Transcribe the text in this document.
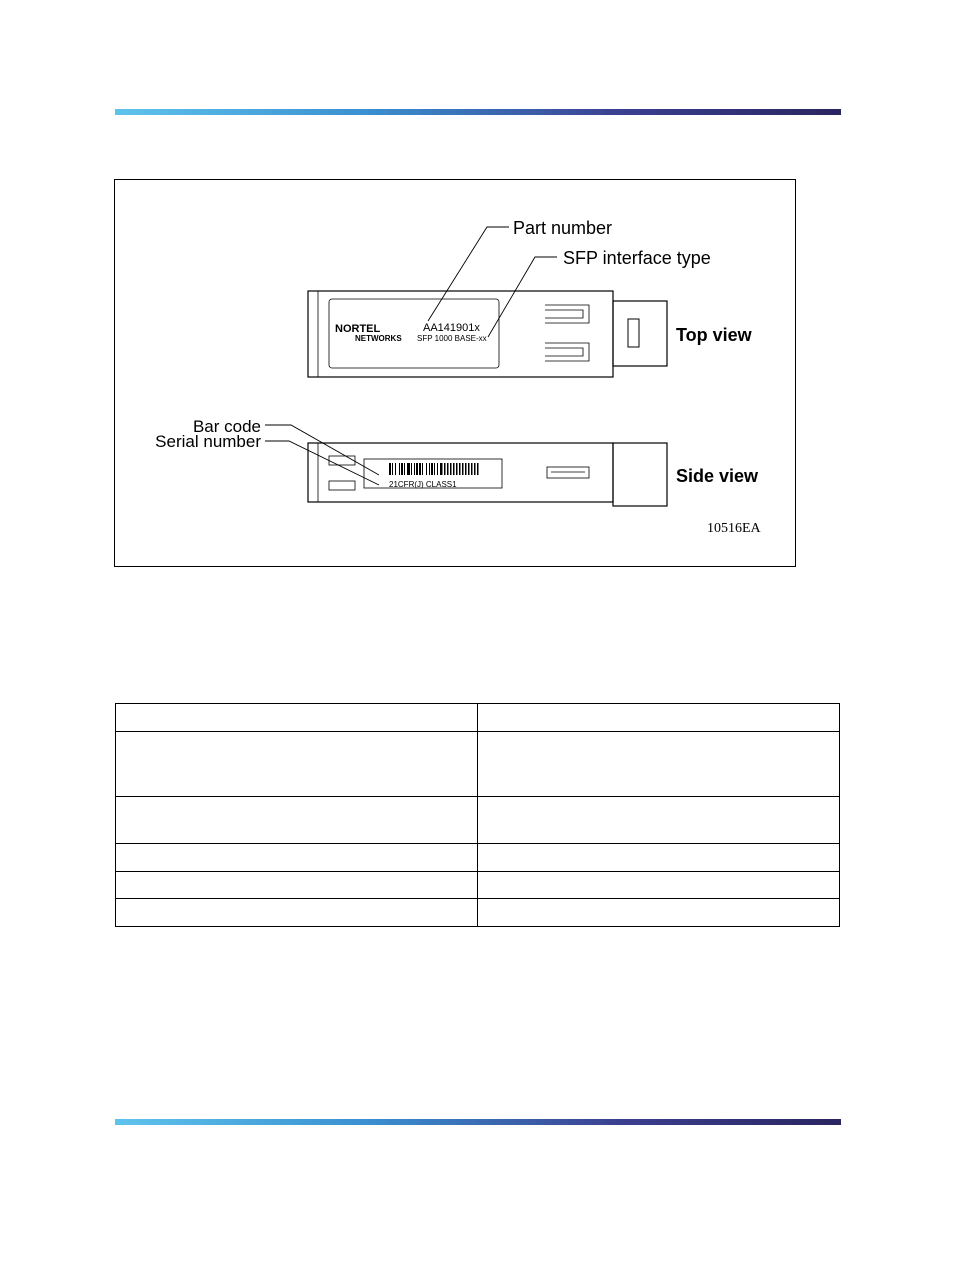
NORTEL
NETWORKS
AA141901x
SFP 1000 BASE-xx
21CFR(J) CLASS1
Part number
SFP interface type
Bar code
Serial number
Top view
Side view
10516EA
